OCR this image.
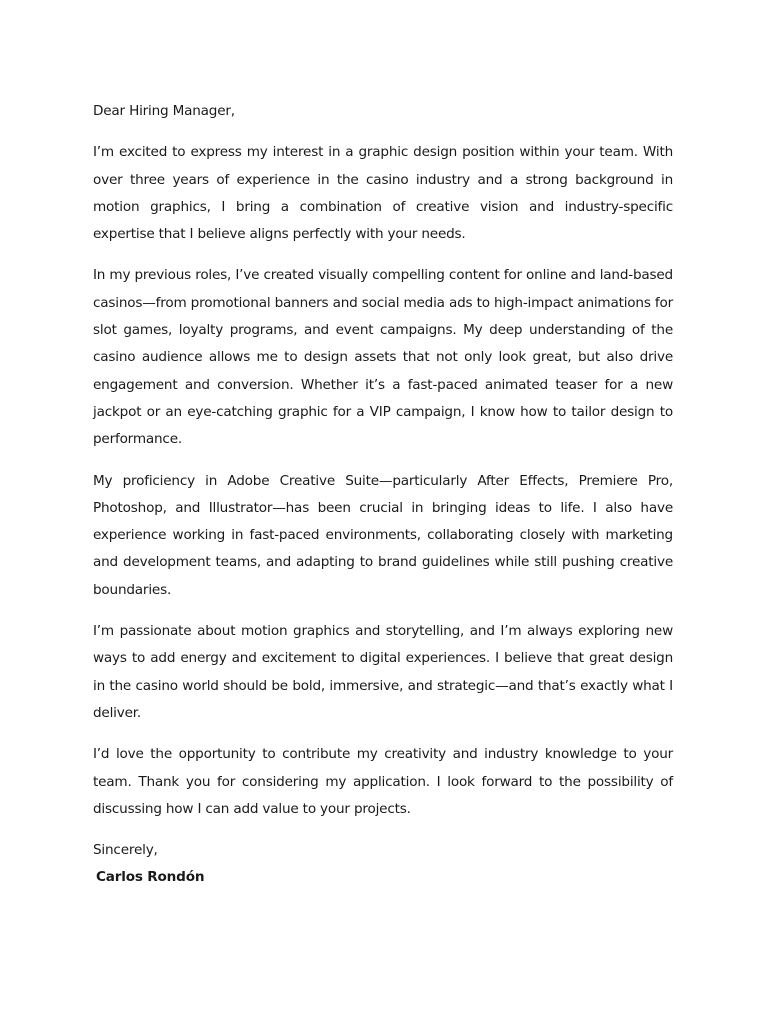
Dear Hiring Manager,

I’m excited to express my interest in a graphic design position within your team. With over three years of experience in the casino industry and a strong background in motion graphics, I bring a combination of creative vision and industry-specific expertise that I believe aligns perfectly with your needs.

In my previous roles, I’ve created visually compelling content for online and land-based casinos—from promotional banners and social media ads to high-impact animations for slot games, loyalty programs, and event campaigns. My deep understanding of the casino audience allows me to design assets that not only look great, but also drive engagement and conversion. Whether it’s a fast-paced animated teaser for a new jackpot or an eye-catching graphic for a VIP campaign, I know how to tailor design to performance.

My proficiency in Adobe Creative Suite—particularly After Effects, Premiere Pro, Photoshop, and Illustrator—has been crucial in bringing ideas to life. I also have experience working in fast-paced environments, collaborating closely with marketing and development teams, and adapting to brand guidelines while still pushing creative boundaries.

I’m passionate about motion graphics and storytelling, and I’m always exploring new ways to add energy and excitement to digital experiences. I believe that great design in the casino world should be bold, immersive, and strategic—and that’s exactly what I deliver.

I’d love the opportunity to contribute my creativity and industry knowledge to your team. Thank you for considering my application. I look forward to the possibility of discussing how I can add value to your projects.

Sincerely,

Carlos Rondón
